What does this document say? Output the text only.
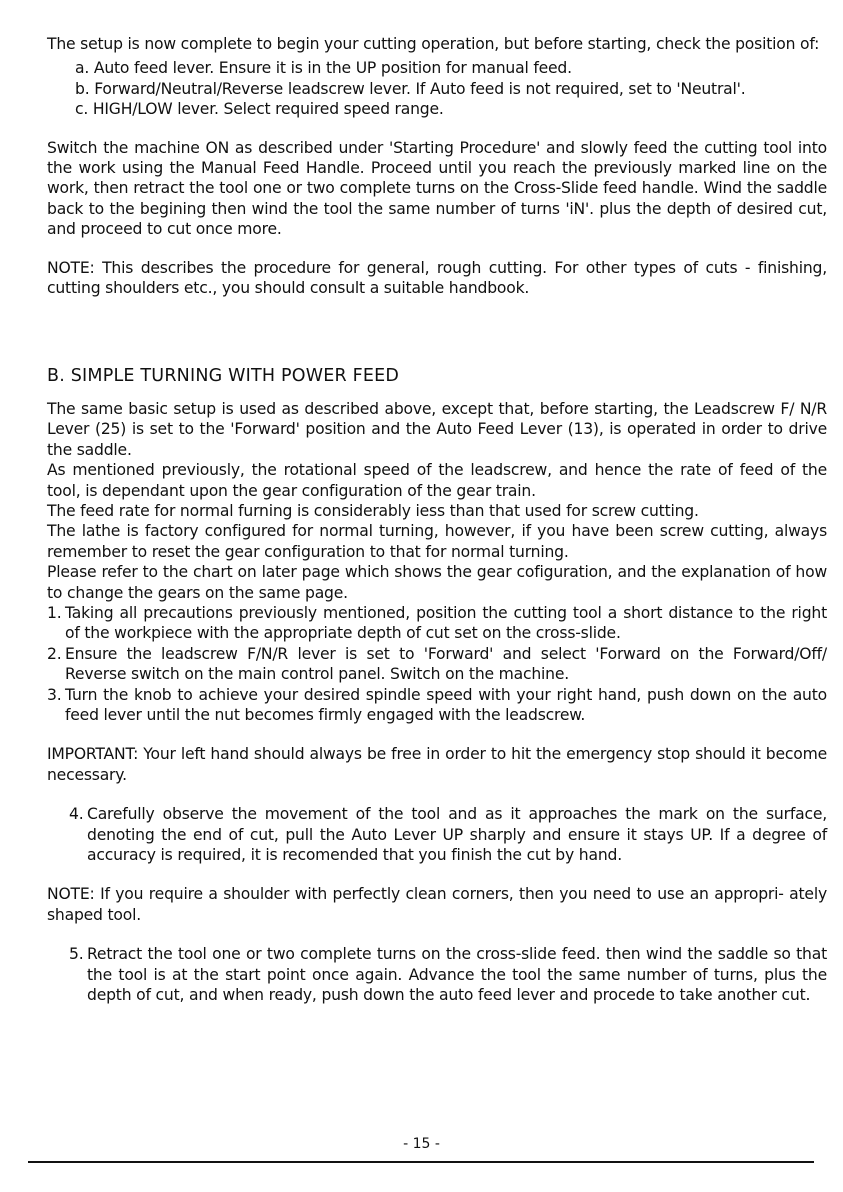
The setup is now complete to begin your cutting operation, but before starting, check the position of:

a. Auto feed lever. Ensure it is in the UP position for manual feed.
b. Forward/Neutral/Reverse leadscrew lever. If Auto feed is not required, set to 'Neutral'.
c. HIGH/LOW lever. Select required speed range.

Switch the machine ON as described under 'Starting Procedure' and slowly feed the cutting tool into the work using the Manual Feed Handle. Proceed until you reach the previously marked line on the work, then retract the tool one or two complete turns on the Cross-Slide feed handle. Wind the saddle back to the begining then wind the tool the same number of turns 'iN'. plus the depth of desired cut, and proceed to cut once more.

NOTE: This describes the procedure for general, rough cutting. For other types of cuts - finishing, cutting shoulders etc., you should consult a suitable handbook.

B. SIMPLE TURNING WITH POWER FEED

The same basic setup is used as described above, except that, before starting, the Leadscrew F/ N/R Lever (25) is set to the 'Forward' position and the Auto Feed Lever (13), is operated in order to drive the saddle.

As mentioned previously, the rotational speed of the leadscrew, and hence the rate of feed of the tool, is dependant upon the gear configuration of the gear train.

The feed rate for normal furning is considerably iess than that used for screw cutting.

The lathe is factory configured for normal turning, however, if you have been screw cutting, always remember to reset the gear configuration to that for normal turning.

Please refer to the chart on later page which shows the gear cofiguration, and the explanation of how to change the gears on the same page.

1. Taking all precautions previously mentioned, position the cutting tool a short distance to the right of the workpiece with the appropriate depth of cut set on the cross-slide.
2. Ensure the leadscrew F/N/R lever is set to 'Forward' and select 'Forward on the Forward/Off/ Reverse switch on the main control panel. Switch on the machine.
3. Turn the knob to achieve your desired spindle speed with your right hand, push down on the auto feed lever until the nut becomes firmly engaged with the leadscrew.

IMPORTANT: Your left hand should always be free in order to hit the emergency stop should it become necessary.

4. Carefully observe the movement of the tool and as it approaches the mark on the surface, denoting the end of cut, pull the Auto Lever UP sharply and ensure it stays UP. If a degree of accuracy is required, it is recomended that you finish the cut by hand.

NOTE: If you require a shoulder with perfectly clean corners, then you need to use an appropri- ately shaped tool.

5. Retract the tool one or two complete turns on the cross-slide feed. then wind the saddle so that the tool is at the start point once again. Advance the tool the same number of turns, plus the depth of cut, and when ready, push down the auto feed lever and procede to take another cut.
- 15 -
